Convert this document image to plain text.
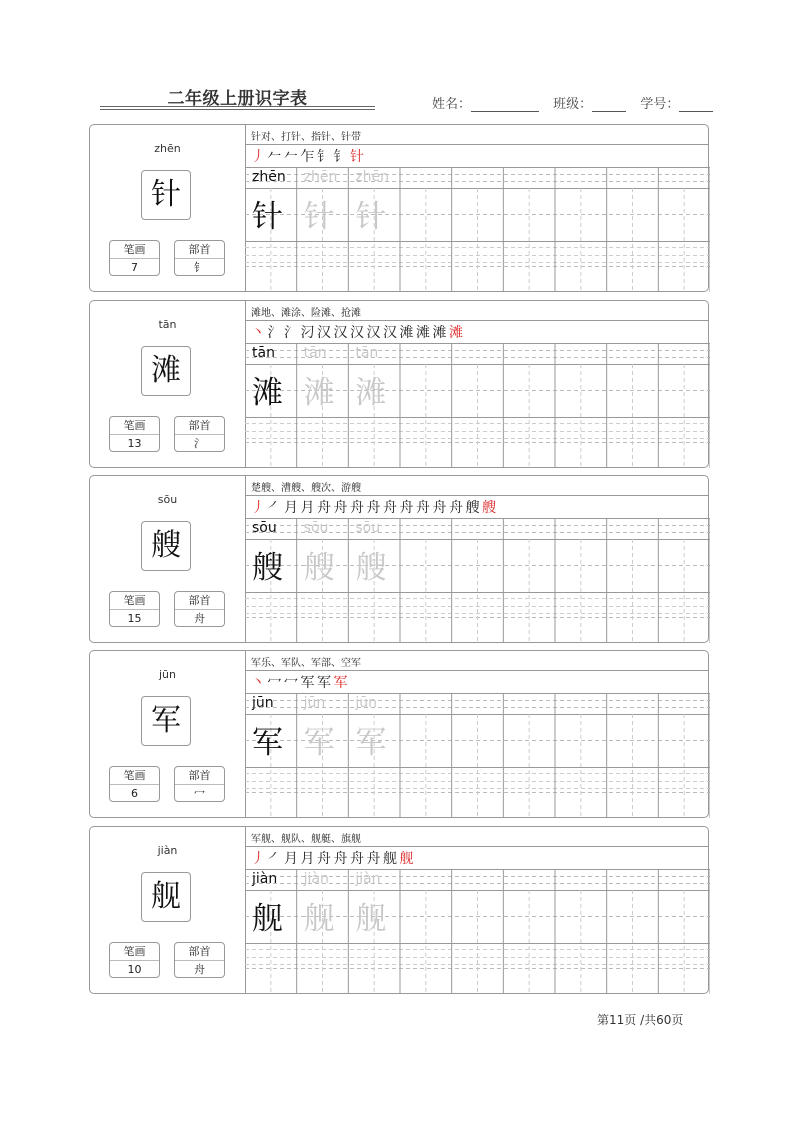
二年级上册识字表	姓名：	班级：	学号：
zhēn
针
笔画
7
部首
钅
针对、打针、指针、针带
丿 𠂉 𠂉 乍 钅 钅 针
zhēn
针
zhēn
针
zhēn
针
tān
滩
笔画
13
部首
氵
滩地、滩涂、险滩、抢滩
丶 氵 氵 汈 汉 汉 汉 汉 汉 滩 滩 滩 滩
tān
滩
tān
滩
tān
滩
sōu
艘
笔画
15
部首
舟
楚艘、漕艘、艘次、游艘
丿 ㇒ 月 月 舟 舟 舟 舟 舟 舟 舟 舟 舟 艘 艘
sōu
艘
sōu
艘
sōu
艘
jūn
军
笔画
6
部首
冖
军乐、军队、军部、空军
丶 冖 冖 军 军 军
jūn
军
jūn
军
jūn
军
jiàn
舰
笔画
10
部首
舟
军舰、舰队、舰艇、旗舰
丿 ㇒ 月 月 舟 舟 舟 舟 舰 舰
jiàn
舰
jiàn
舰
jiàn
舰
第11页 /共60页
